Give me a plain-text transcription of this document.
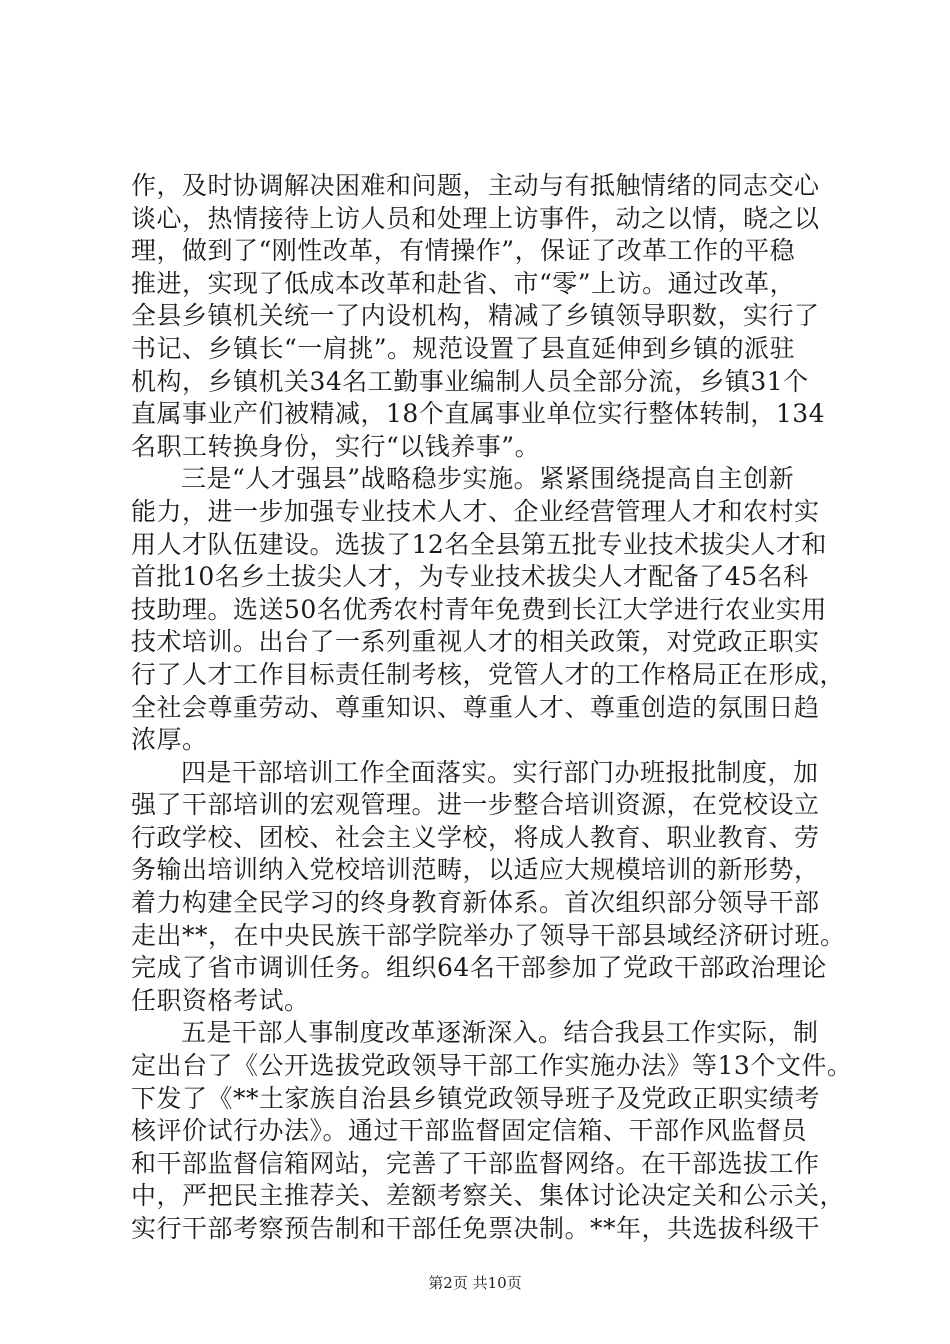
作，及时协调解决困难和问题，主动与有抵触情绪的同志交心
谈心，热情接待上访人员和处理上访事件，动之以情，晓之以
理，做到了“刚性改革，有情操作”，保证了改革工作的平稳
推进，实现了低成本改革和赴省、市“零”上访。通过改革，
全县乡镇机关统一了内设机构，精减了乡镇领导职数，实行了
书记、乡镇长“一肩挑”。规范设置了县直延伸到乡镇的派驻
机构，乡镇机关34名工勤事业编制人员全部分流，乡镇31个
直属事业产们被精减，18个直属事业单位实行整体转制，134
名职工转换身份，实行“以钱养事”。
三是“人才强县”战略稳步实施。紧紧围绕提高自主创新
能力，进一步加强专业技术人才、企业经营管理人才和农村实
用人才队伍建设。选拔了12名全县第五批专业技术拔尖人才和
首批10名乡土拔尖人才，为专业技术拔尖人才配备了45名科
技助理。选送50名优秀农村青年免费到长江大学进行农业实用
技术培训。出台了一系列重视人才的相关政策，对党政正职实
行了人才工作目标责任制考核，党管人才的工作格局正在形成，
全社会尊重劳动、尊重知识、尊重人才、尊重创造的氛围日趋
浓厚。
四是干部培训工作全面落实。实行部门办班报批制度，加
强了干部培训的宏观管理。进一步整合培训资源，在党校设立
行政学校、团校、社会主义学校，将成人教育、职业教育、劳
务输出培训纳入党校培训范畴，以适应大规模培训的新形势，
着力构建全民学习的终身教育新体系。首次组织部分领导干部
走出**，在中央民族干部学院举办了领导干部县域经济研讨班。
完成了省市调训任务。组织64名干部参加了党政干部政治理论
任职资格考试。
五是干部人事制度改革逐渐深入。结合我县工作实际，制
定出台了《公开选拔党政领导干部工作实施办法》等13个文件。
下发了《**土家族自治县乡镇党政领导班子及党政正职实绩考
核评价试行办法》。通过干部监督固定信箱、干部作风监督员
和干部监督信箱网站，完善了干部监督网络。在干部选拔工作
中，严把民主推荐关、差额考察关、集体讨论决定关和公示关，
实行干部考察预告制和干部任免票决制。**年，共选拔科级干
第2页 共10页
